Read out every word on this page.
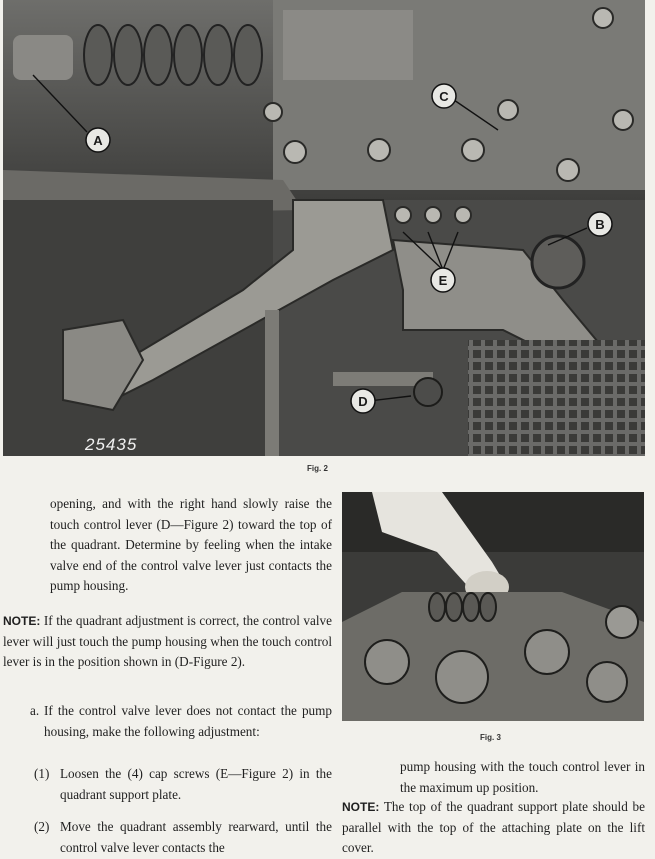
A
B
C
D
E
25435
Fig. 2
Fig. 3
opening, and with the right hand slowly raise the touch control lever (D—Figure 2) toward the top of the quadrant. Determine by feeling when the intake valve end of the control valve lever just contacts the pump housing.
NOTE: If the quadrant adjustment is correct, the control valve lever will just touch the pump housing when the touch control lever is in the position shown in (D-Figure 2).
a. If the control valve lever does not contact the pump housing, make the following adjustment:
(1) Loosen the (4) cap screws (E—Figure 2) in the quadrant support plate.
(2) Move the quadrant assembly rearward, until the control valve lever contacts the
pump housing with the touch control lever in the maximum up position.
NOTE: The top of the quadrant support plate should be parallel with the top of the attaching plate on the lift cover.
